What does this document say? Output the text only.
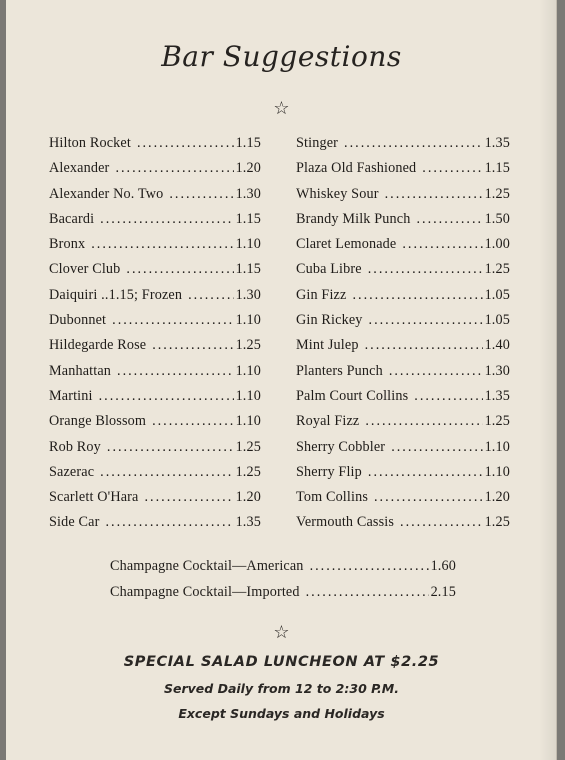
Bar Suggestions
☆
Hilton Rocket .....	1.15
Alexander .....	1.20
Alexander No. Two .....	1.30
Bacardi .....	1.15
Bronx .....	1.10
Clover Club .....	1.15
Daiquiri ..1.15; Frozen .....	1.30
Dubonnet .....	1.10
Hildegarde Rose .....	1.25
Manhattan .....	1.10
Martini .....	1.10
Orange Blossom .....	1.10
Rob Roy .....	1.25
Sazerac .....	1.25
Scarlett O'Hara .....	1.20
Side Car .....	1.35
Stinger .....	1.35
Plaza Old Fashioned .....	1.15
Whiskey Sour .....	1.25
Brandy Milk Punch .....	1.50
Claret Lemonade .....	1.00
Cuba Libre .....	1.25
Gin Fizz .....	1.05
Gin Rickey .....	1.05
Mint Julep .....	1.40
Planters Punch .....	1.30
Palm Court Collins .....	1.35
Royal Fizz .....	1.25
Sherry Cobbler .....	1.10
Sherry Flip .....	1.10
Tom Collins .....	1.20
Vermouth Cassis .....	1.25
Champagne Cocktail—American .....	1.60
Champagne Cocktail—Imported .....	2.15
☆
SPECIAL SALAD LUNCHEON AT $2.25
Served Daily from 12 to 2:30 P.M.
Except Sundays and Holidays
